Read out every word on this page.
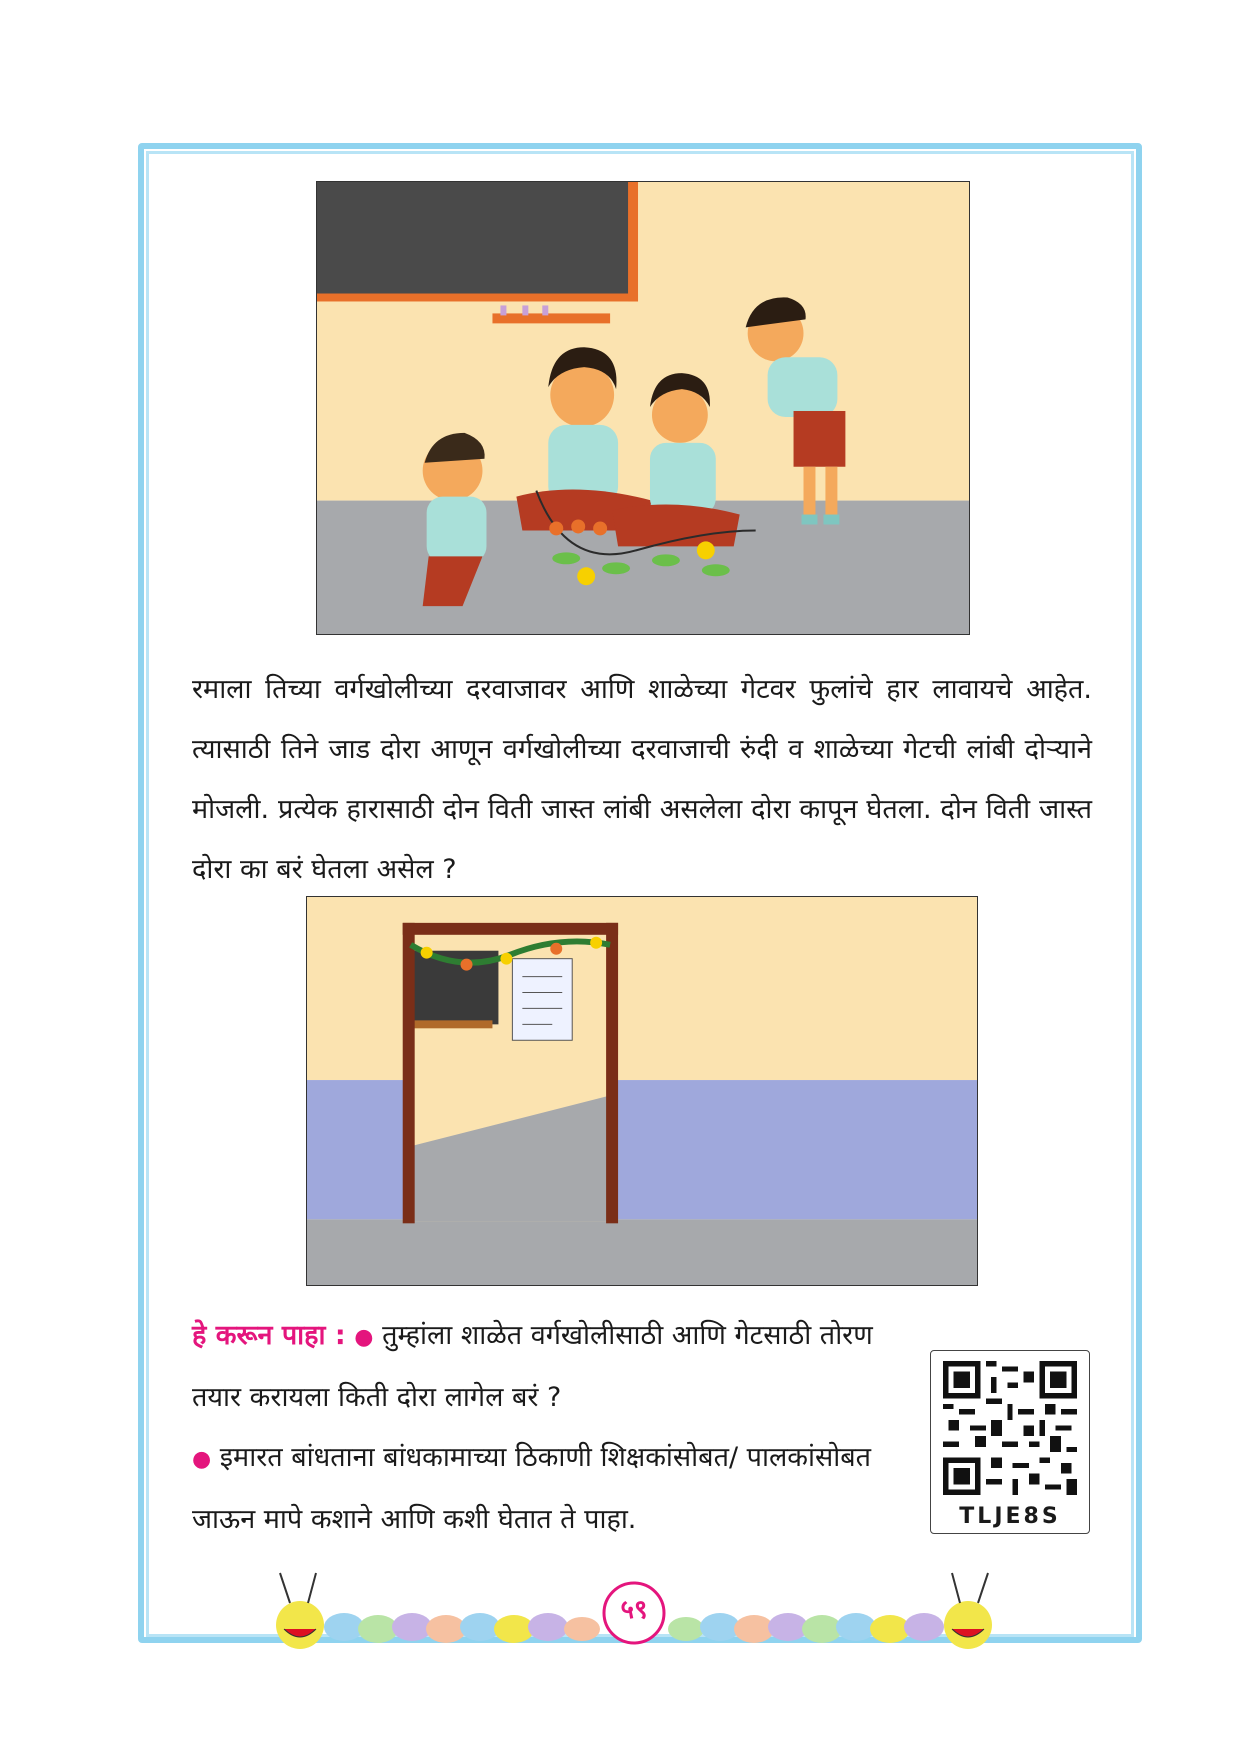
रमाला तिच्या वर्गखोलीच्या दरवाजावर आणि शाळेच्या गेटवर फुलांचे हार लावायचे आहेत. त्यासाठी तिने जाड दोरा आणून वर्गखोलीच्या दरवाजाची रुंदी व शाळेच्या गेटची लांबी दोऱ्याने मोजली. प्रत्येक हारासाठी दोन विती जास्त लांबी असलेला दोरा कापून घेतला. दोन विती जास्त दोरा का बरं घेतला असेल ?

हे करून पाहा : ● तुम्हांला शाळेत वर्गखोलीसाठी आणि गेटसाठी तोरण तयार करायला किती दोरा लागेल बरं ?
● इमारत बांधताना बांधकामाच्या ठिकाणी शिक्षकांसोबत/ पालकांसोबत जाऊन मापे कशाने आणि कशी घेतात ते पाहा.	TLJE8S
५९
